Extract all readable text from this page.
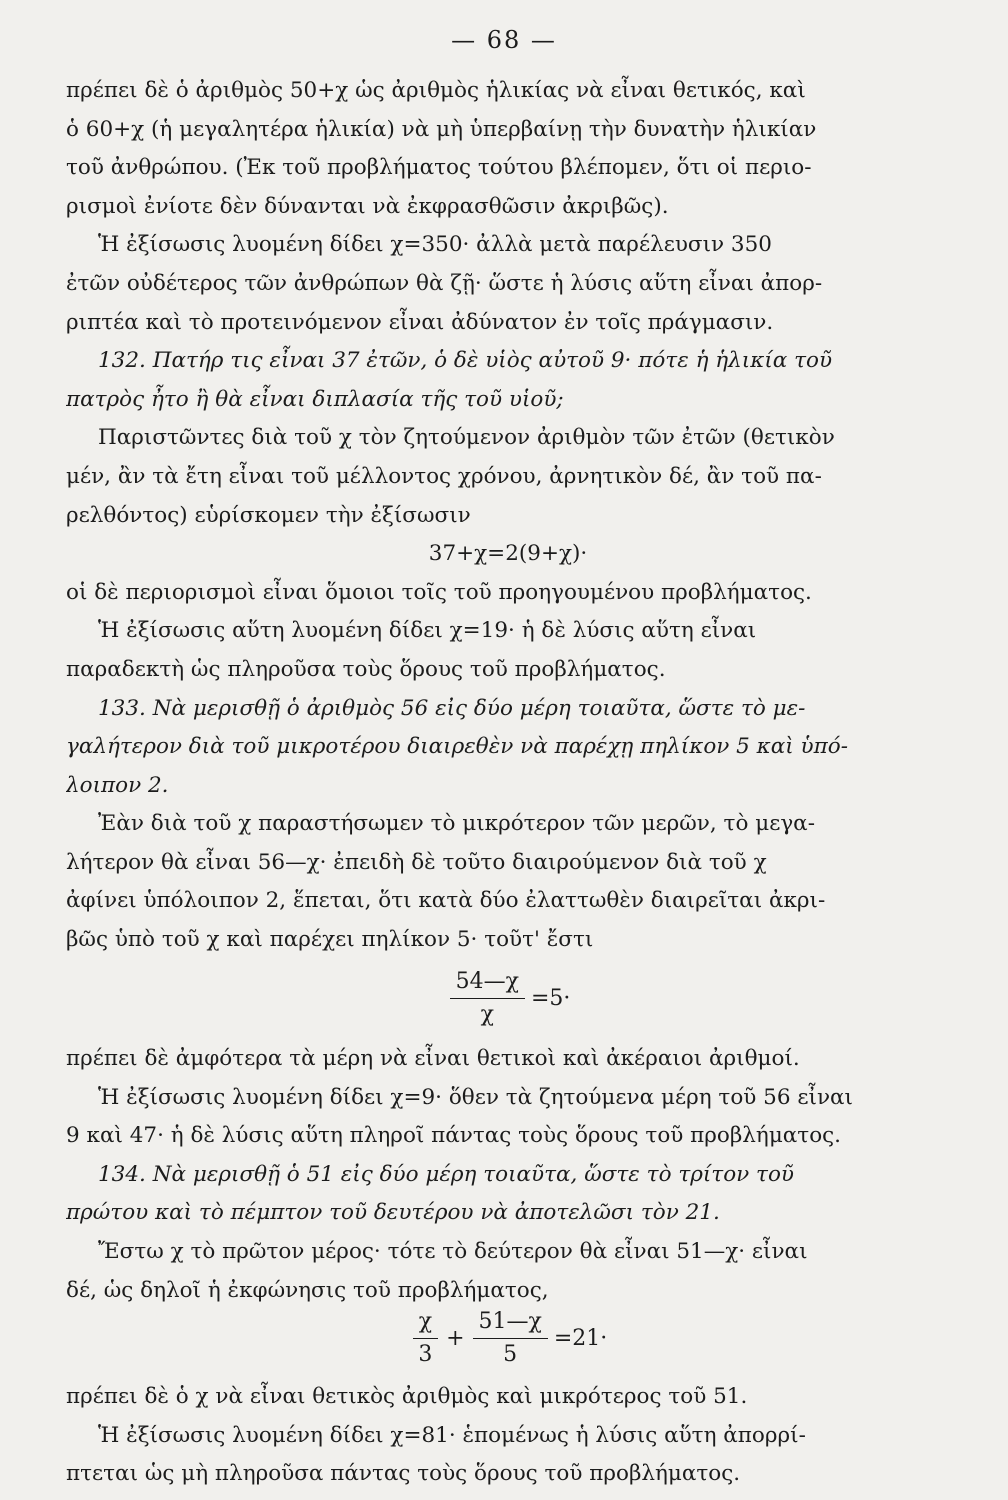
— 68 —
πρέπει δὲ ὁ ἀριθμὸς 50+χ ὡς ἀριθμὸς ἡλικίας νὰ εἶναι θετικός, καὶ
ὁ 60+χ (ἡ μεγαλητέρα ἡλικία) νὰ μὴ ὑπερβαίνῃ τὴν δυνατὴν ἡλικίαν
τοῦ ἀνθρώπου. (Ἐκ τοῦ προβλήματος τούτου βλέπομεν, ὅτι οἱ περιο-
ρισμοὶ ἐνίοτε δὲν δύνανται νὰ ἐκφρασθῶσιν ἀκριβῶς).
Ἡ ἐξίσωσις λυομένη δίδει χ=350· ἀλλὰ μετὰ παρέλευσιν 350
ἐτῶν οὐδέτερος τῶν ἀνθρώπων θὰ ζῇ· ὥστε ἡ λύσις αὕτη εἶναι ἀπορ-
ριπτέα καὶ τὸ προτεινόμενον εἶναι ἀδύνατον ἐν τοῖς πράγμασιν.
132. Πατήρ τις εἶναι 37 ἐτῶν, ὁ δὲ υἱὸς αὐτοῦ 9· πότε ἡ ἡλικία τοῦ
πατρὸς ἦτο ἢ θὰ εἶναι διπλασία τῆς τοῦ υἱοῦ;
Παριστῶντες διὰ τοῦ χ τὸν ζητούμενον ἀριθμὸν τῶν ἐτῶν (θετικὸν
μέν, ἂν τὰ ἔτη εἶναι τοῦ μέλλοντος χρόνου, ἀρνητικὸν δέ, ἂν τοῦ πα-
ρελθόντος) εὑρίσκομεν τὴν ἐξίσωσιν
37+χ=2(9+χ)·
οἱ δὲ περιορισμοὶ εἶναι ὅμοιοι τοῖς τοῦ προηγουμένου προβλήματος.
Ἡ ἐξίσωσις αὕτη λυομένη δίδει χ=19· ἡ δὲ λύσις αὕτη εἶναι
παραδεκτὴ ὡς πληροῦσα τοὺς ὅρους τοῦ προβλήματος.
133. Νὰ μερισθῇ ὁ ἀριθμὸς 56 εἰς δύο μέρη τοιαῦτα, ὥστε τὸ με-
γαλήτερον διὰ τοῦ μικροτέρου διαιρεθὲν νὰ παρέχῃ πηλίκον 5 καὶ ὑπό-
λοιπον 2.
Ἐὰν διὰ τοῦ χ παραστήσωμεν τὸ μικρότερον τῶν μερῶν, τὸ μεγα-
λήτερον θὰ εἶναι 56—χ· ἐπειδὴ δὲ τοῦτο διαιρούμενον διὰ τοῦ χ
ἀφίνει ὑπόλοιπον 2, ἕπεται, ὅτι κατὰ δύο ἐλαττωθὲν διαιρεῖται ἀκρι-
βῶς ὑπὸ τοῦ χ καὶ παρέχει πηλίκον 5· τοῦτ' ἔστι
$\frac{54—\chi}{\chi} =5\cdot$
πρέπει δὲ ἀμφότερα τὰ μέρη νὰ εἶναι θετικοὶ καὶ ἀκέραιοι ἀριθμοί.
Ἡ ἐξίσωσις λυομένη δίδει χ=9· ὅθεν τὰ ζητούμενα μέρη τοῦ 56 εἶναι
9 καὶ 47· ἡ δὲ λύσις αὕτη πληροῖ πάντας τοὺς ὅρους τοῦ προβλήματος.
134. Νὰ μερισθῇ ὁ 51 εἰς δύο μέρη τοιαῦτα, ὥστε τὸ τρίτον τοῦ
πρώτου καὶ τὸ πέμπτον τοῦ δευτέρου νὰ ἀποτελῶσι τὸν 21.
Ἔστω χ τὸ πρῶτον μέρος· τότε τὸ δεύτερον θὰ εἶναι 51—χ· εἶναι
δέ, ὡς δηλοῖ ἡ ἐκφώνησις τοῦ προβλήματος,
$\frac{\chi}{3} + \frac{51—\chi}{5} =21\cdot$
πρέπει δὲ ὁ χ νὰ εἶναι θετικὸς ἀριθμὸς καὶ μικρότερος τοῦ 51.
Ἡ ἐξίσωσις λυομένη δίδει χ=81· ἑπομένως ἡ λύσις αὕτη ἀπορρί-
πτεται ὡς μὴ πληροῦσα πάντας τοὺς ὅρους τοῦ προβλήματος.
